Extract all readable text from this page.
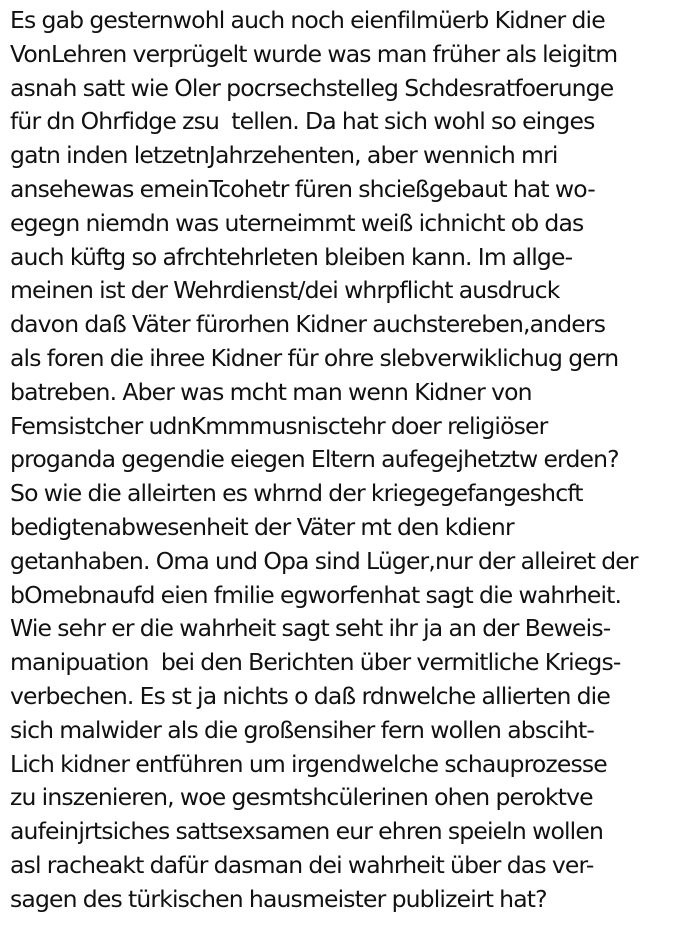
Es gab gesternwohl auch noch eienfilmüerb Kidner die
VonLehren verprügelt wurde was man früher als leigitm
asnah satt wie Oler pocrsechstelleg Schdesratfoerunge
für dn Ohrfidge zsu  tellen. Da hat sich wohl so einges
gatn inden letzetnJahrzehenten, aber wennich mri
ansehewas emeinTcohetr füren shcießgebaut hat wo-
egegn niemdn was uterneimmt weiß ichnicht ob das
auch küftg so afrchtehrleten bleiben kann. Im allge-
meinen ist der Wehrdienst/dei whrpflicht ausdruck
davon daß Väter fürorhen Kidner auchstereben,anders
als foren die ihree Kidner für ohre slebverwiklichug gern
batreben. Aber was mcht man wenn Kidner von
Femsistcher udnKmmmusnisctehr doer religiöser
proganda gegendie eiegen Eltern aufegejhetztw erden?
So wie die alleirten es whrnd der kriegegefangeshcft
bedigtenabwesenheit der Väter mt den kdienr
getanhaben. Oma und Opa sind Lüger,nur der alleiret der
bOmebnaufd eien fmilie egworfenhat sagt die wahrheit.
Wie sehr er die wahrheit sagt seht ihr ja an der Beweis-
manipuation  bei den Berichten über vermitliche Kriegs-
verbechen. Es st ja nichts o daß rdnwelche allierten die
sich malwider als die großensiher fern wollen absciht-
Lich kidner entführen um irgendwelche schauprozesse
zu inszenieren, woe gesmtshcülerinen ohen peroktve
aufeinjrtsiches sattsexsamen eur ehren speieln wollen
asl racheakt dafür dasman dei wahrheit über das ver-
sagen des türkischen hausmeister publizeirt hat?
